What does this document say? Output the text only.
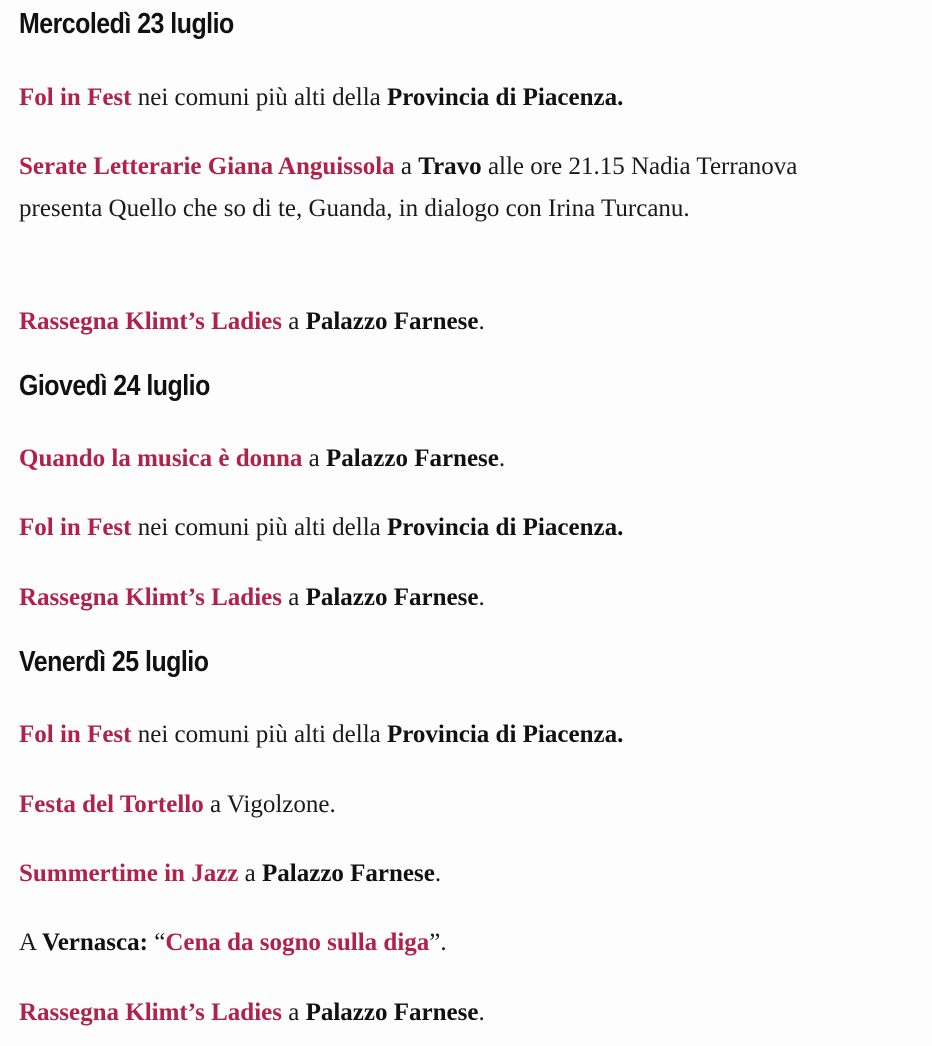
Mercoledì 23 luglio

Fol in Fest nei comuni più alti della Provincia di Piacenza.

Serate Letterarie Giana Anguissola a Travo alle ore 21.15 Nadia Terranova presenta Quello che so di te, Guanda, in dialogo con Irina Turcanu.

Rassegna Klimt’s Ladies a Palazzo Farnese.

Giovedì 24 luglio

Quando la musica è donna a Palazzo Farnese.

Fol in Fest nei comuni più alti della Provincia di Piacenza.

Rassegna Klimt’s Ladies a Palazzo Farnese.

Venerdì 25 luglio

Fol in Fest nei comuni più alti della Provincia di Piacenza.

Festa del Tortello a Vigolzone.

Summertime in Jazz a Palazzo Farnese.

A Vernasca: “Cena da sogno sulla diga”.

Rassegna Klimt’s Ladies a Palazzo Farnese.
